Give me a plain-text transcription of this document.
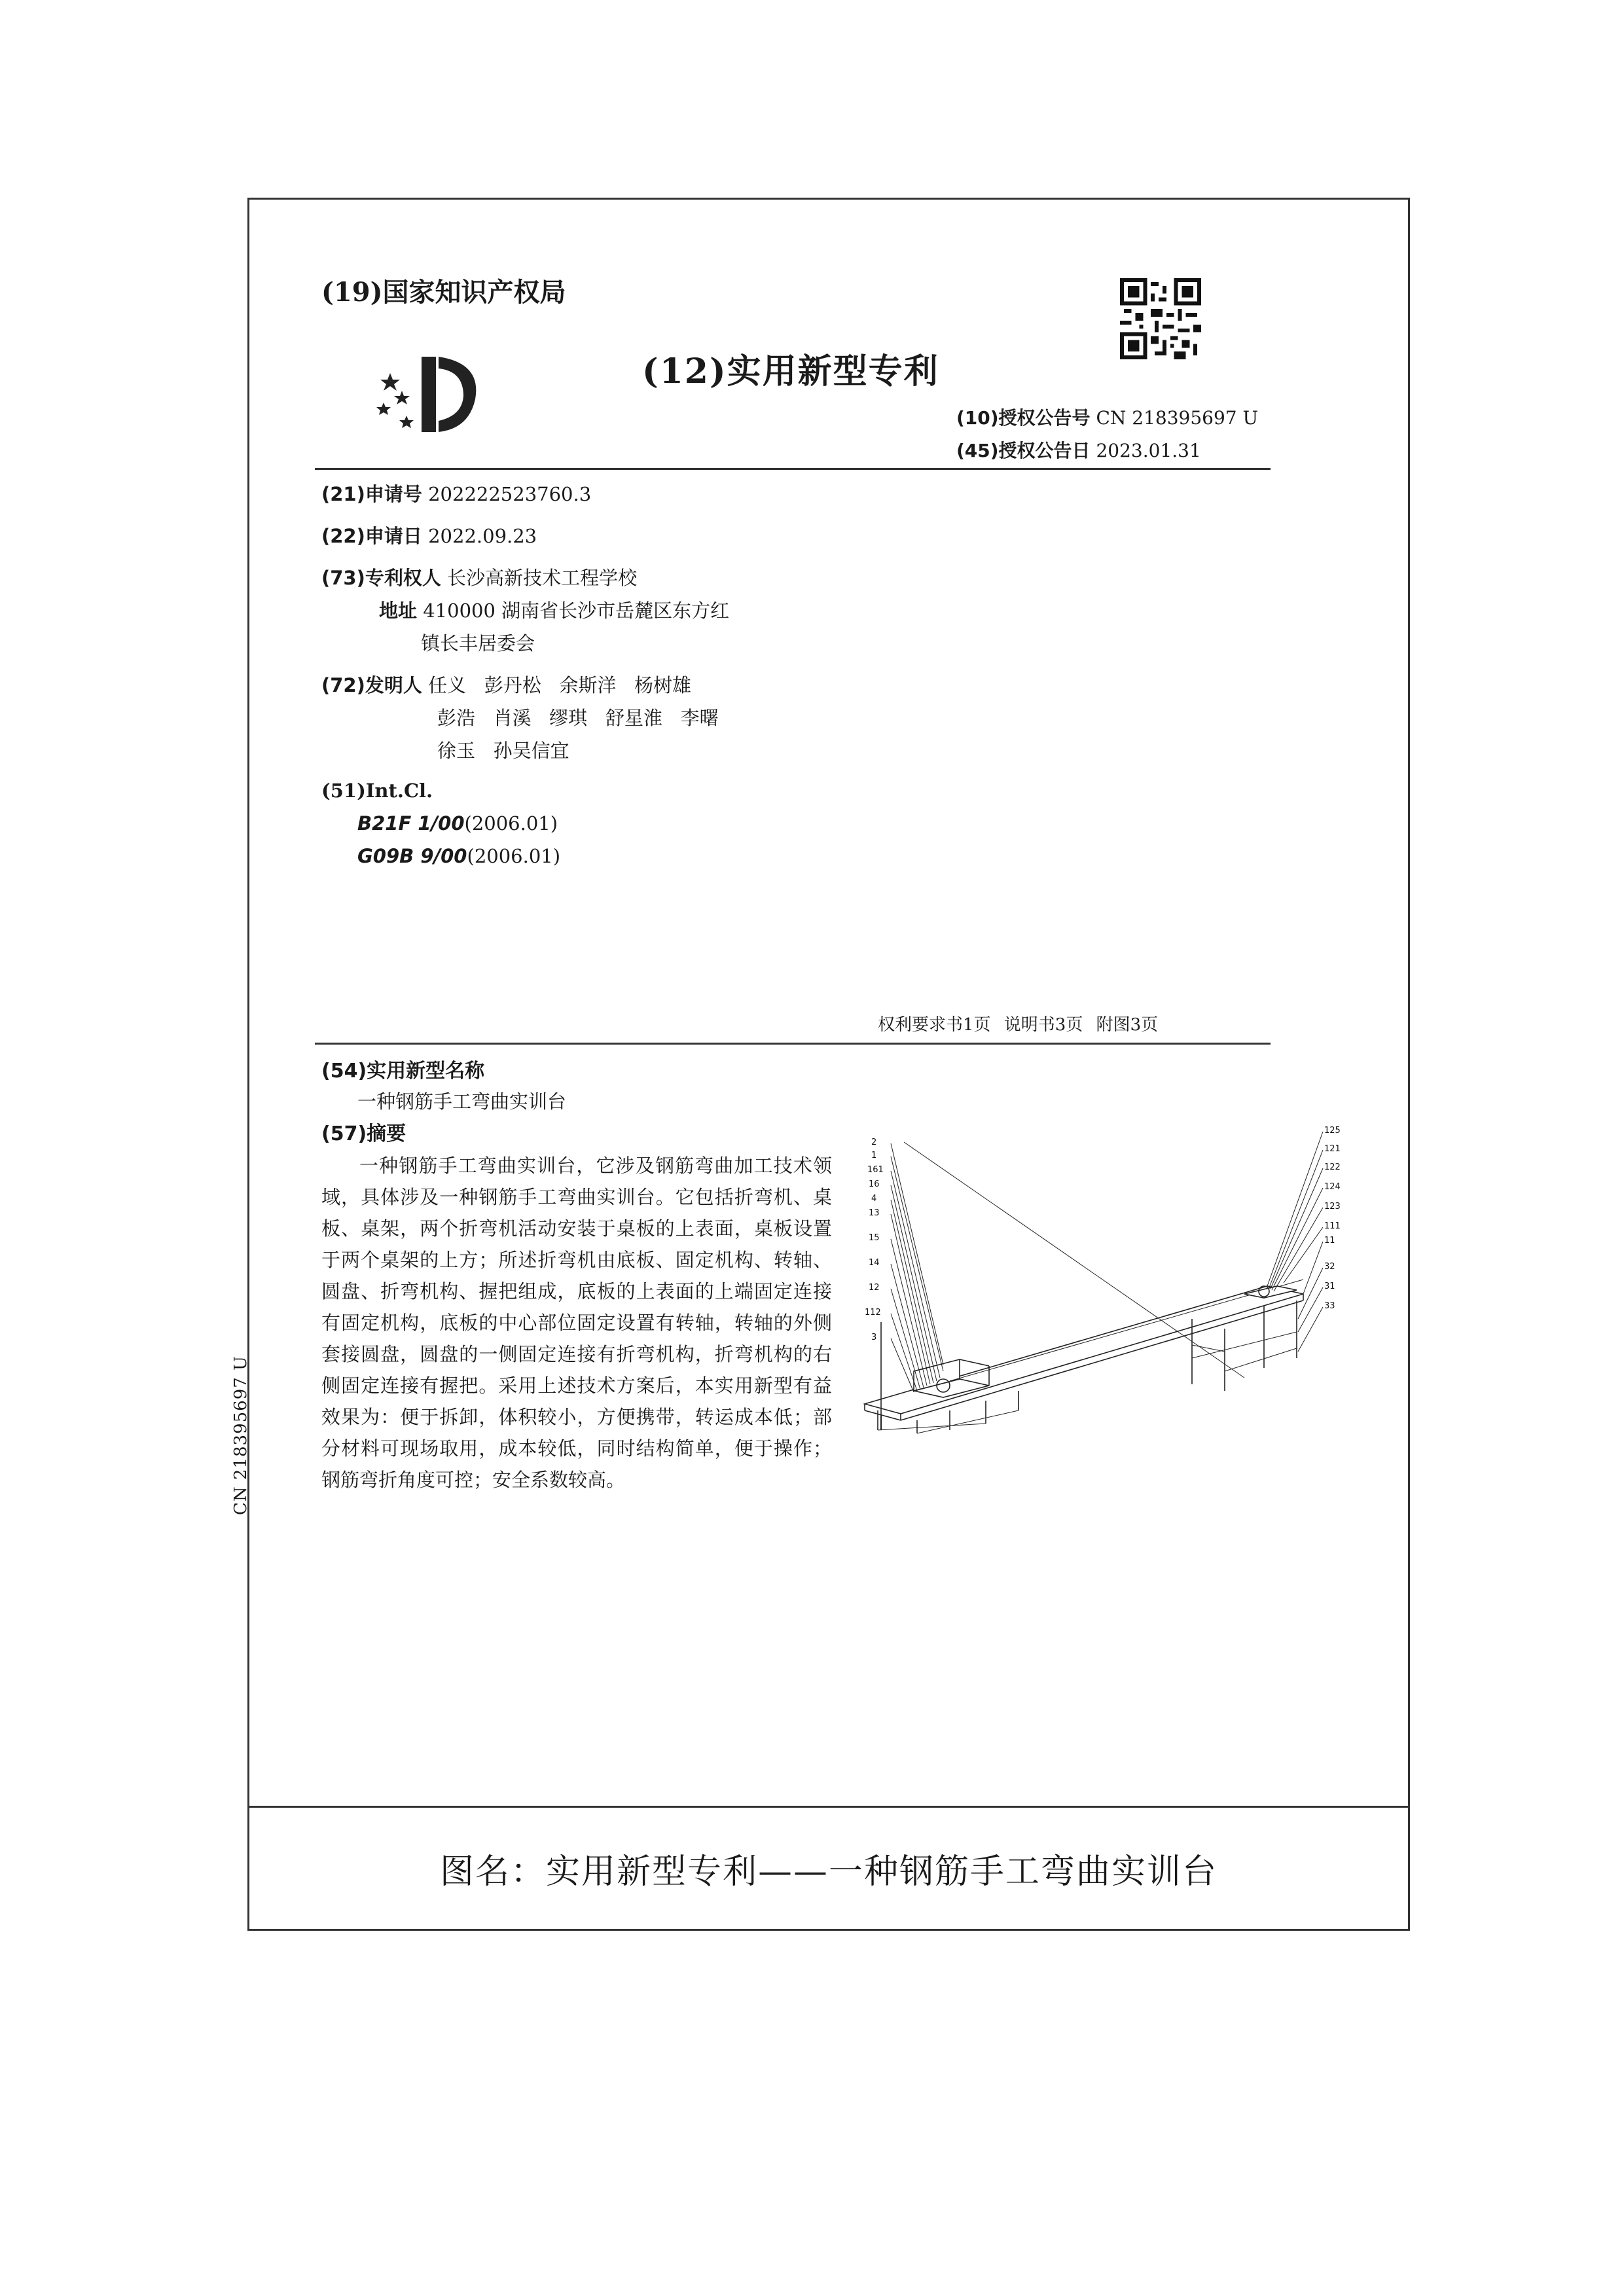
(19)国家知识产权局
(12)实用新型专利
(10)授权公告号 CN 218395697 U
(45)授权公告日 2023.01.31
(21)申请号 202222523760.3
(22)申请日 2022.09.23
(73)专利权人 长沙高新技术工程学校
地址 410000 湖南省长沙市岳麓区东方红
镇长丰居委会
(72)发明人 任义   彭丹松   余斯洋   杨树雄
彭浩   肖溪   缪琪   舒星淮   李曙
徐玉   孙吴信宜
(51)Int.Cl.
B21F 1/00(2006.01)
G09B 9/00(2006.01)
权利要求书1页 说明书3页 附图3页
(54)实用新型名称
一种钢筋手工弯曲实训台
(57)摘要
一种钢筋手工弯曲实训台，它涉及钢筋弯曲加工技术领域，具体涉及一种钢筋手工弯曲实训台。它包括折弯机、桌板、桌架，两个折弯机活动安装于桌板的上表面，桌板设置于两个桌架的上方；所述折弯机由底板、固定机构、转轴、圆盘、折弯机构、握把组成，底板的上表面的上端固定连接有固定机构，底板的中心部位固定设置有转轴，转轴的外侧套接圆盘，圆盘的一侧固定连接有折弯机构，折弯机构的右侧固定连接有握把。采用上述技术方案后，本实用新型有益效果为：便于拆卸，体积较小，方便携带，转运成本低；部分材料可现场取用，成本较低，同时结构简单，便于操作；钢筋弯折角度可控；安全系数较高。
2
1
161
16
4
13
15
14
12
112
3
125
121
122
124
123
111
11
32
31
33
CN 218395697 U
图名：实用新型专利——一种钢筋手工弯曲实训台
